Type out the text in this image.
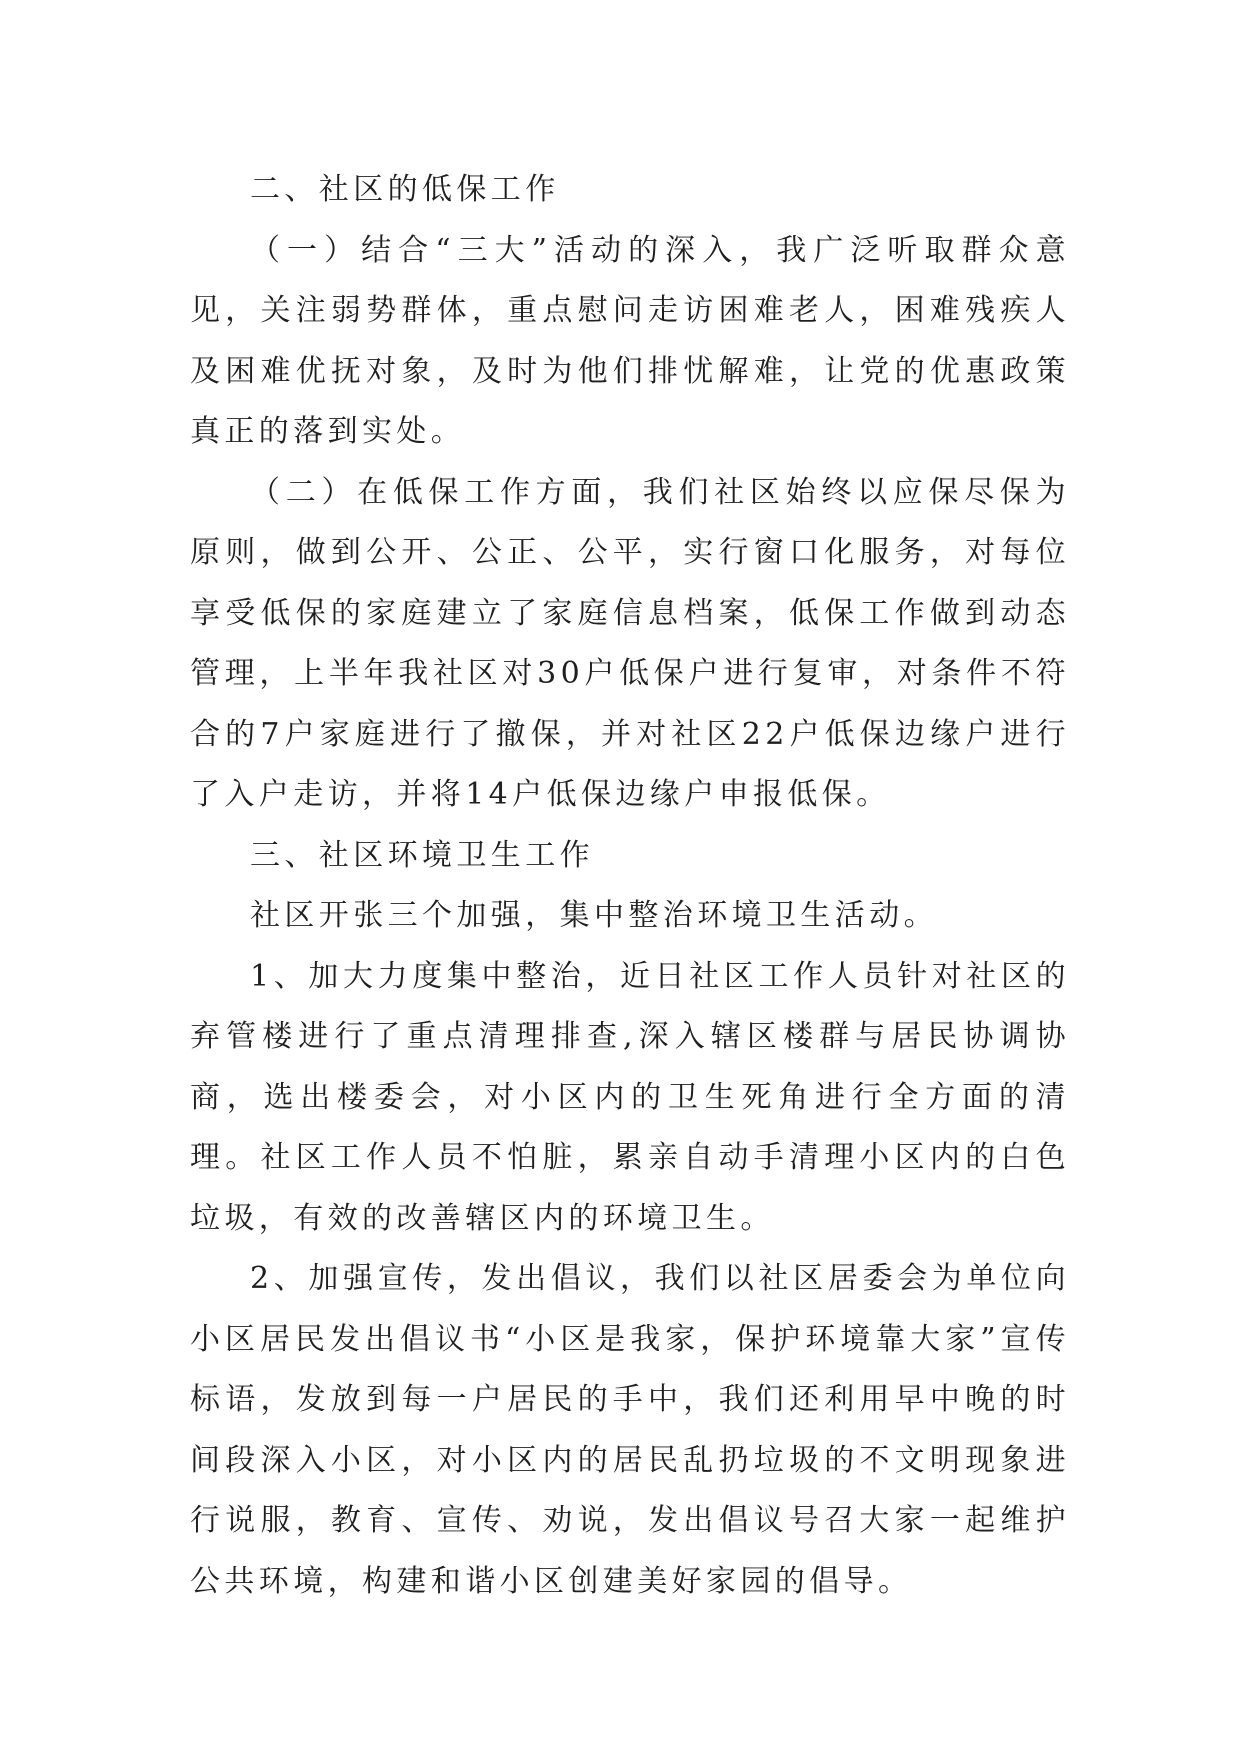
二、社区的低保工作

（一）结合“三大”活动的深入，我广泛听取群众意见，关注弱势群体，重点慰问走访困难老人，困难残疾人及困难优抚对象，及时为他们排忧解难，让党的优惠政策真正的落到实处。

（二）在低保工作方面，我们社区始终以应保尽保为原则，做到公开、公正、公平，实行窗口化服务，对每位享受低保的家庭建立了家庭信息档案，低保工作做到动态管理，上半年我社区对30户低保户进行复审，对条件不符合的7户家庭进行了撤保，并对社区22户低保边缘户进行了入户走访，并将14户低保边缘户申报低保。

三、社区环境卫生工作

社区开张三个加强，集中整治环境卫生活动。

1、加大力度集中整治，近日社区工作人员针对社区的弃管楼进行了重点清理排查,深入辖区楼群与居民协调协商，选出楼委会，对小区内的卫生死角进行全方面的清理。社区工作人员不怕脏，累亲自动手清理小区内的白色垃圾，有效的改善辖区内的环境卫生。

2、加强宣传，发出倡议，我们以社区居委会为单位向小区居民发出倡议书“小区是我家，保护环境靠大家”宣传标语，发放到每一户居民的手中，我们还利用早中晚的时间段深入小区，对小区内的居民乱扔垃圾的不文明现象进行说服，教育、宣传、劝说，发出倡议号召大家一起维护公共环境，构建和谐小区创建美好家园的倡导。
